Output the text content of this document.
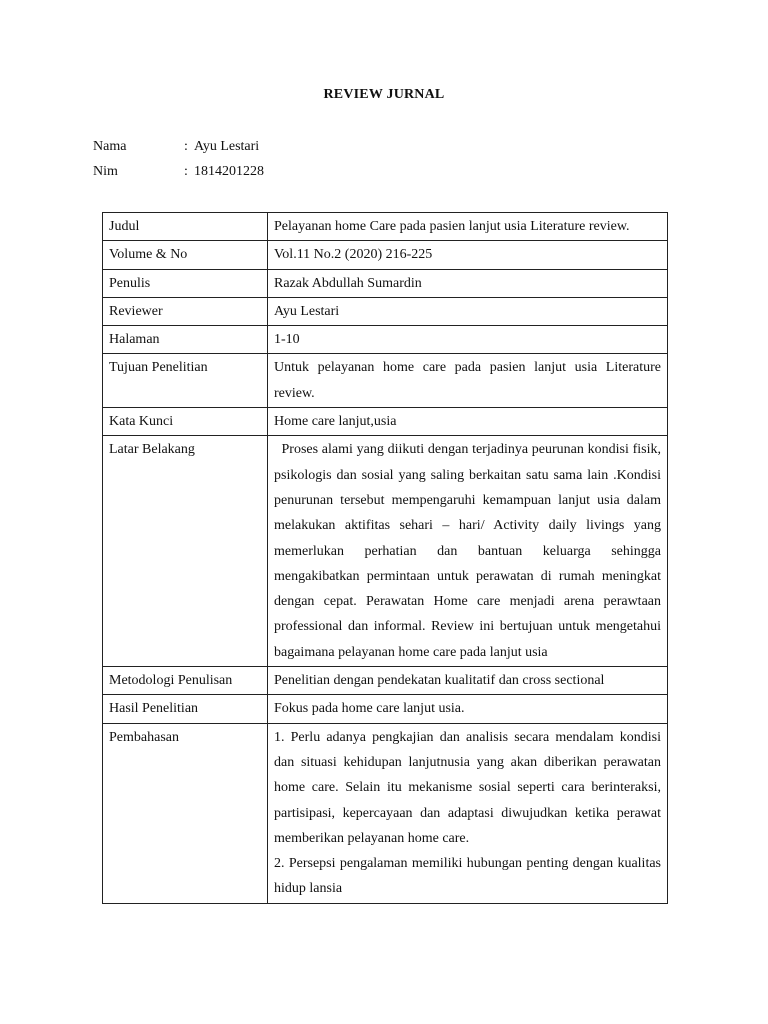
REVIEW JURNAL
Nama	: Ayu Lestari
Nim	: 1814201228
Judul	Pelayanan home Care pada pasien lanjut usia Literature review.
Volume & No	Vol.11 No.2 (2020) 216-225
Penulis	Razak Abdullah Sumardin
Reviewer	Ayu Lestari
Halaman	1-10
Tujuan Penelitian	Untuk pelayanan home care pada pasien lanjut usia Literature review.
Kata Kunci	Home care lanjut,usia
Latar Belakang	Proses alami yang diikuti dengan terjadinya peurunan kondisi fisik, psikologis dan sosial yang saling berkaitan satu sama lain .Kondisi penurunan tersebut mempengaruhi kemampuan lanjut usia dalam melakukan aktifitas sehari – hari/ Activity daily livings yang memerlukan perhatian dan bantuan keluarga sehingga mengakibatkan permintaan untuk perawatan di rumah meningkat dengan cepat. Perawatan Home care menjadi arena perawtaan professional dan informal. Review ini bertujuan untuk mengetahui bagaimana pelayanan home care pada lanjut usia
Metodologi Penulisan	Penelitian dengan pendekatan kualitatif dan cross sectional
Hasil Penelitian	Fokus pada home care lanjut usia.
Pembahasan	1. Perlu adanya pengkajian dan analisis secara mendalam kondisi dan situasi kehidupan lanjutnusia yang akan diberikan perawatan home care. Selain itu mekanisme sosial seperti cara berinteraksi, partisipasi, kepercayaan dan adaptasi diwujudkan ketika perawat memberikan pelayanan home care.

2. Persepsi pengalaman memiliki hubungan penting dengan kualitas hidup lansia
